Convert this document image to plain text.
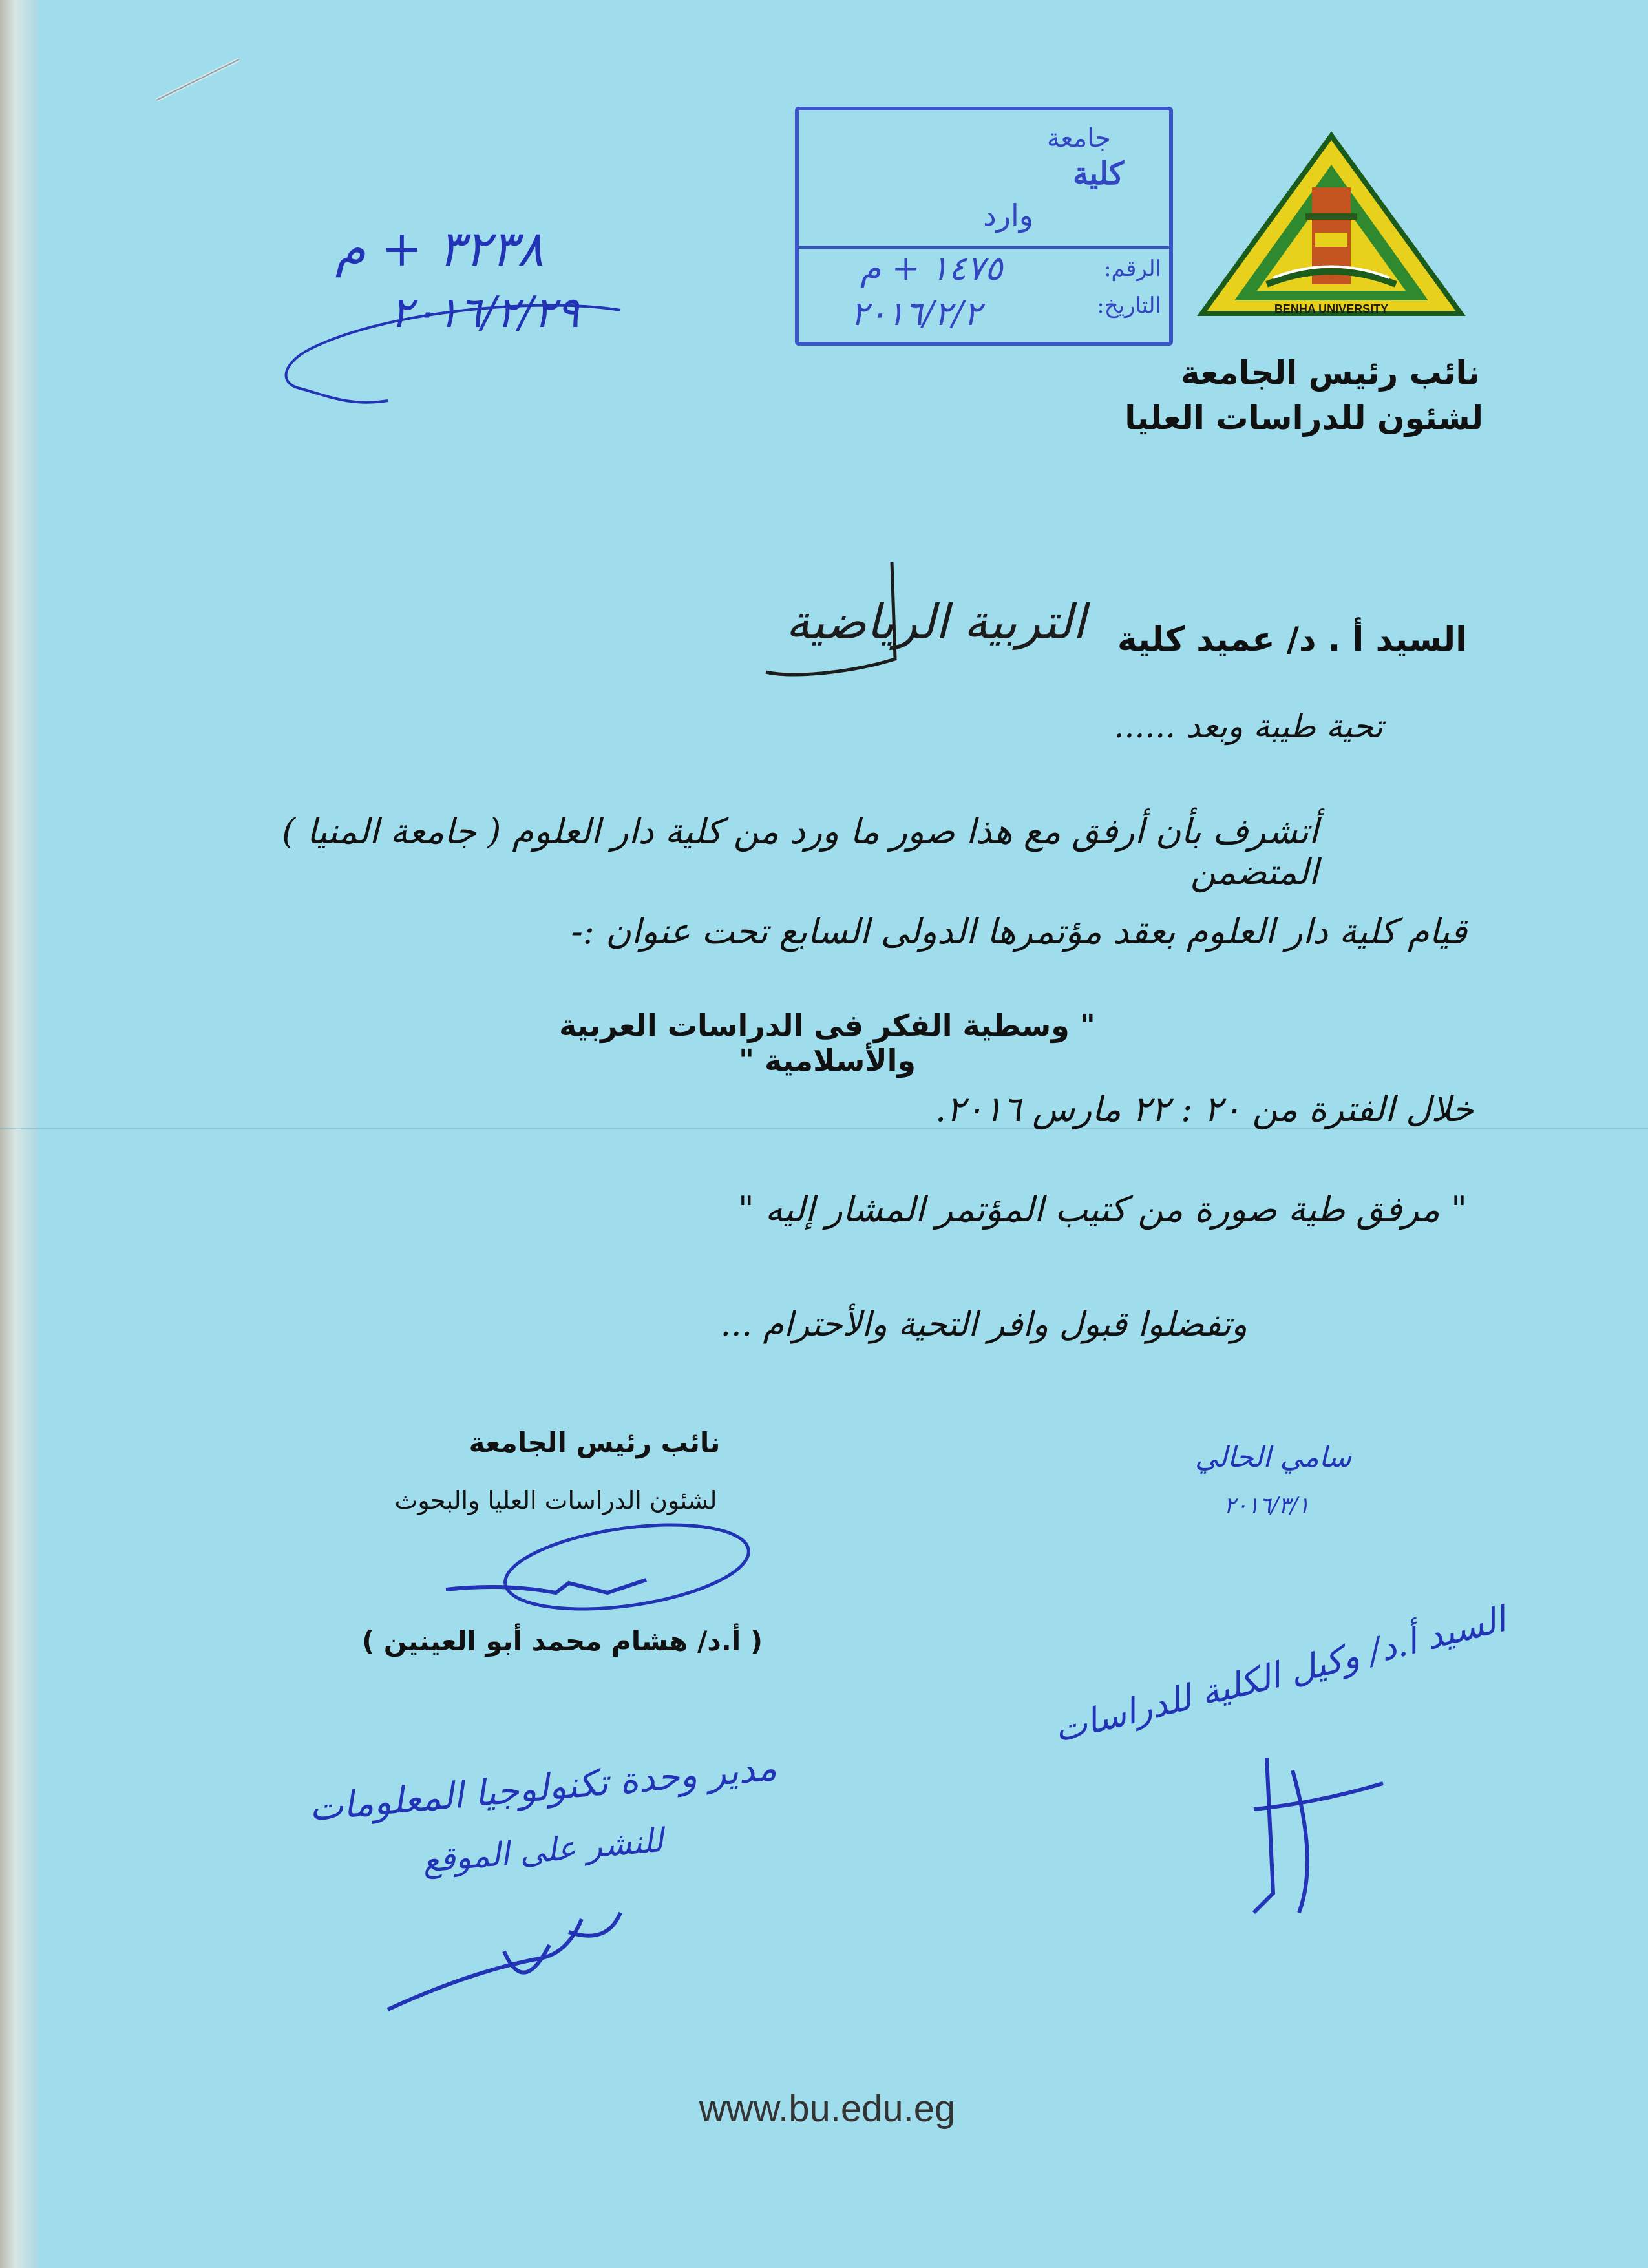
٣٢٣٨ + م
٢٠١٦/٢/٢٩
جامعة
كلية
وارد
الرقم:
التاريخ:
١٤٧٥ + م
٢٠١٦/٢/٢	BENHA UNIVERSITY
نائب رئيس الجامعة
لشئون للدراسات العليا
السيد أ . د/ عميد كلية
التربية الرياضية
تحية طيبة وبعد ......
أتشرف بأن أرفق مع هذا صور ما ورد من كلية دار العلوم ( جامعة المنيا ) المتضمن
قيام كلية دار العلوم بعقد مؤتمرها الدولى السابع تحت عنوان :-
" وسطية الفكر فى الدراسات العربية والأسلامية "
خلال الفترة من ٢٠ : ٢٢ مارس ٢٠١٦.
" مرفق طية صورة من كتيب المؤتمر المشار إليه "
وتفضلوا قبول وافر التحية والأحترام ...
نائب رئيس الجامعة
لشئون الدراسات العليا والبحوث
( أ.د/ هشام محمد أبو العينين )
سامي الحالي
٢٠١٦/٣/١
السيد أ.د/ وكيل الكلية للدراسات
مدير وحدة تكنولوجيا المعلومات
للنشر على الموقع
www.bu.edu.eg
